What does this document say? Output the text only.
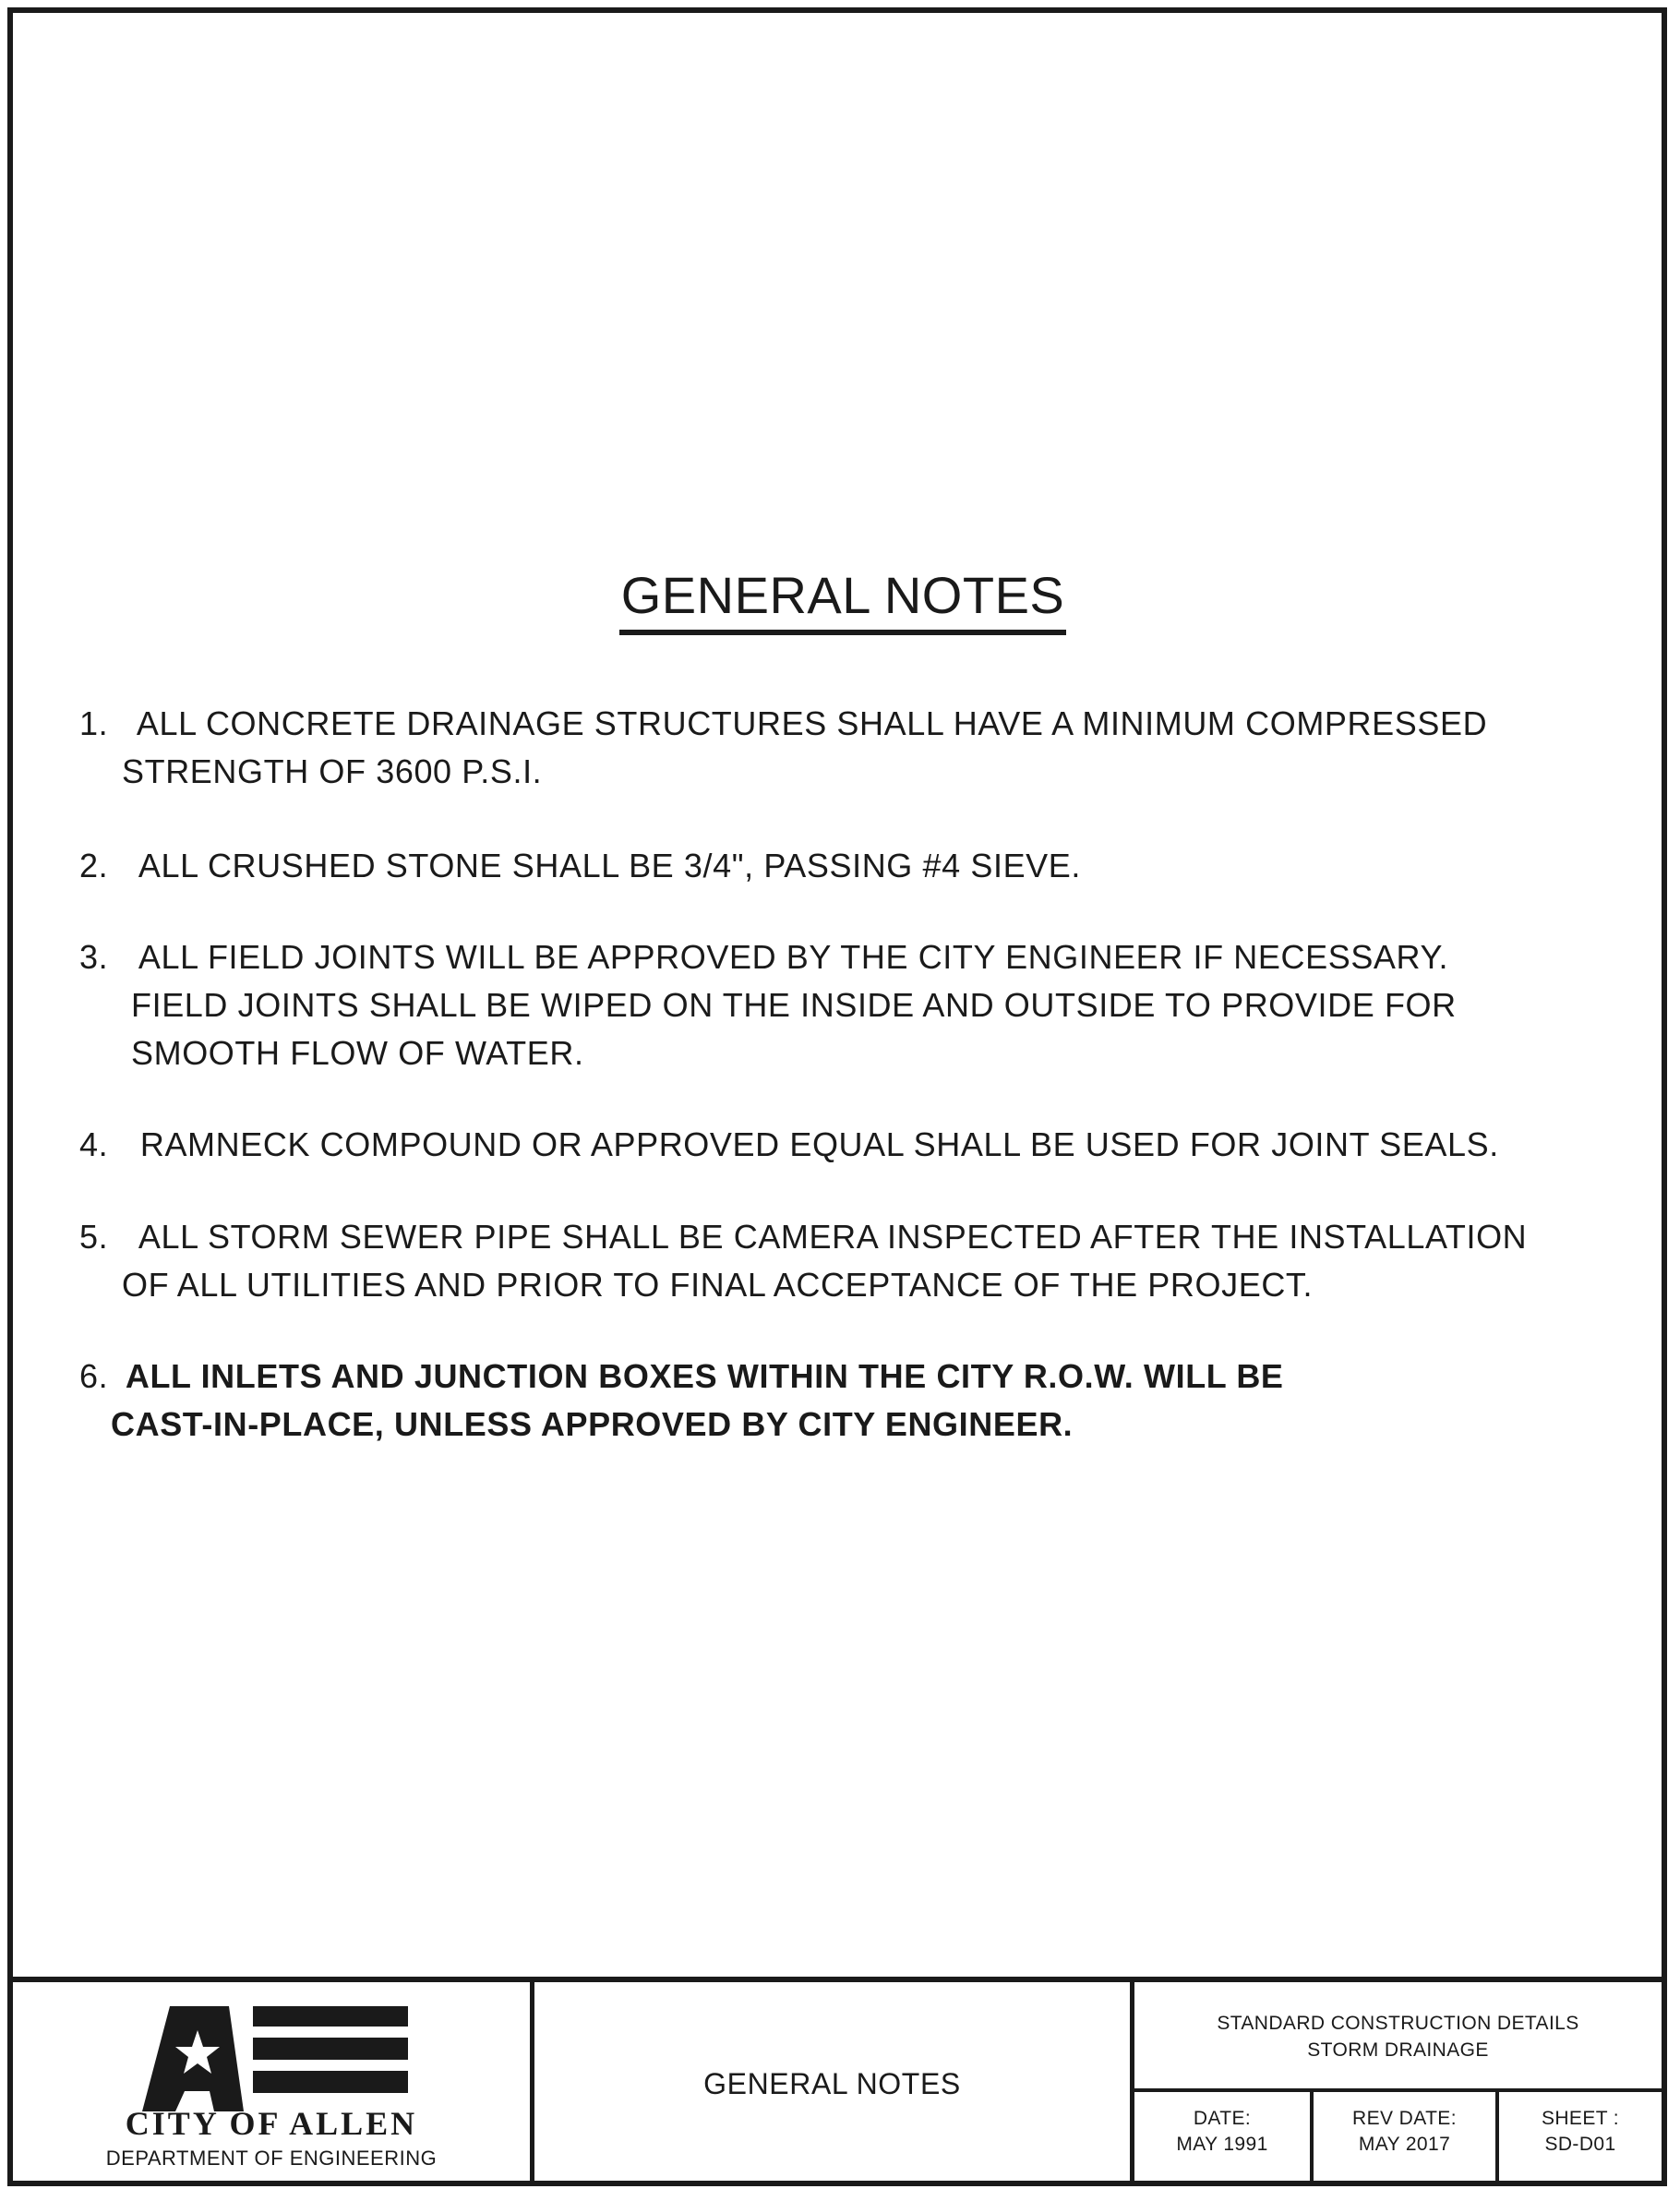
GENERAL NOTES
1. ALL CONCRETE DRAINAGE STRUCTURES SHALL HAVE A MINIMUM COMPRESSED
STRENGTH OF 3600 P.S.I.
2. ALL CRUSHED STONE SHALL BE 3/4", PASSING #4 SIEVE.
3. ALL FIELD JOINTS WILL BE APPROVED BY THE CITY ENGINEER IF NECESSARY.
FIELD JOINTS SHALL BE WIPED ON THE INSIDE AND OUTSIDE TO PROVIDE FOR
SMOOTH FLOW OF WATER.
4. RAMNECK COMPOUND OR APPROVED EQUAL SHALL BE USED FOR JOINT SEALS.
5. ALL STORM SEWER PIPE SHALL BE CAMERA INSPECTED AFTER THE INSTALLATION
OF ALL UTILITIES AND PRIOR TO FINAL ACCEPTANCE OF THE PROJECT.
6. ALL INLETS AND JUNCTION BOXES WITHIN THE CITY R.O.W. WILL BE
CAST-IN-PLACE, UNLESS APPROVED BY CITY ENGINEER.
CITY OF ALLEN
DEPARTMENT OF ENGINEERING
GENERAL NOTES
STANDARD CONSTRUCTION DETAILS
STORM DRAINAGE
DATE:
MAY 1991
REV DATE:
MAY 2017
SHEET :
SD-D01
